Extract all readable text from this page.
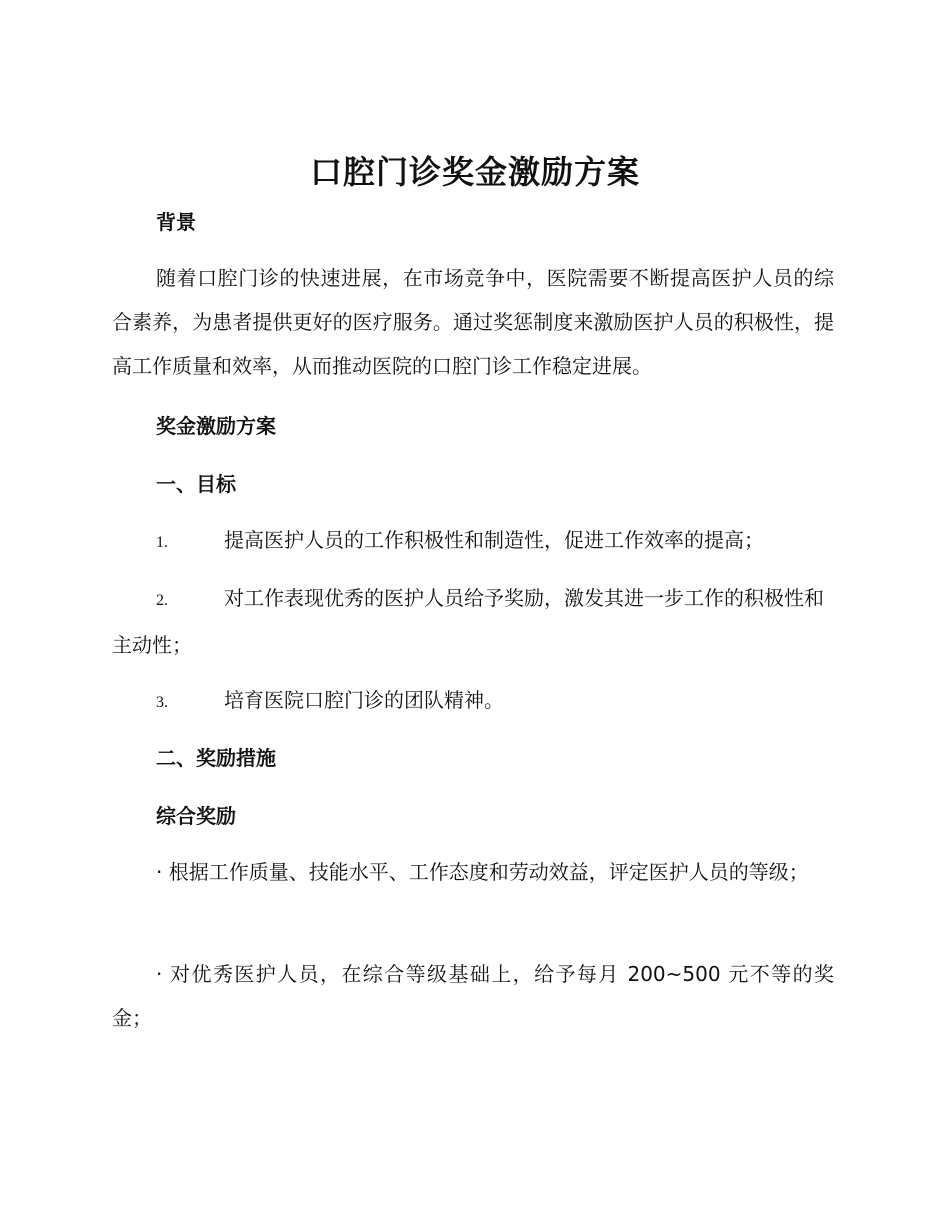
口腔门诊奖金激励方案
背景
随着口腔门诊的快速进展，在市场竞争中，医院需要不断提高医护人员的综合素养，为患者提供更好的医疗服务。通过奖惩制度来激励医护人员的积极性，提高工作质量和效率，从而推动医院的口腔门诊工作稳定进展。
奖金激励方案
一、目标
1.	提高医护人员的工作积极性和制造性，促进工作效率的提高；
2.	对工作表现优秀的医护人员给予奖励，激发其进一步工作的积极性和主动性；
3.	培育医院口腔门诊的团队精神。
二、奖励措施
综合奖励
· 根据工作质量、技能水平、工作态度和劳动效益，评定医护人员的等级；
· 对优秀医护人员，在综合等级基础上，给予每月 200~500 元不等的奖金；
